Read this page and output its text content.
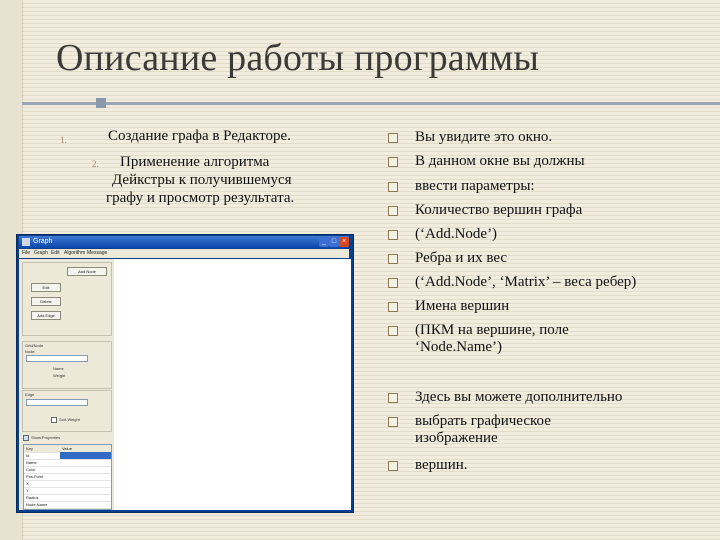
Описание работы программы
1.	Создание графа в Редакторе.
2. Применение алгоритма
Дейкстры к получившемуся
графу и просмотр результата.
Вы увидите это окно.
В данном окне вы должны
ввести параметры:
Количество вершин графа
(‘Add.Node’)
Ребра и их вес
(‘Add.Node’, ‘Matrix’ – веса ребер)
Имена вершин
(ПКМ на вершине, поле
‘Node.Name’)
Здесь вы можете дополнительно
выбрать графическое
изображение
вершин.
Graph	_ □ ×
File Graph Edit Algorithm Message
Add.Node
Edit
Delete
Add.Edge
Grid/Node
Node
Name
Weight
Edge
Sort.Weight
Show.Properties
Key	Value
Id
Name
Color
Pos.Point
X
Y
Radius
Node.Name
